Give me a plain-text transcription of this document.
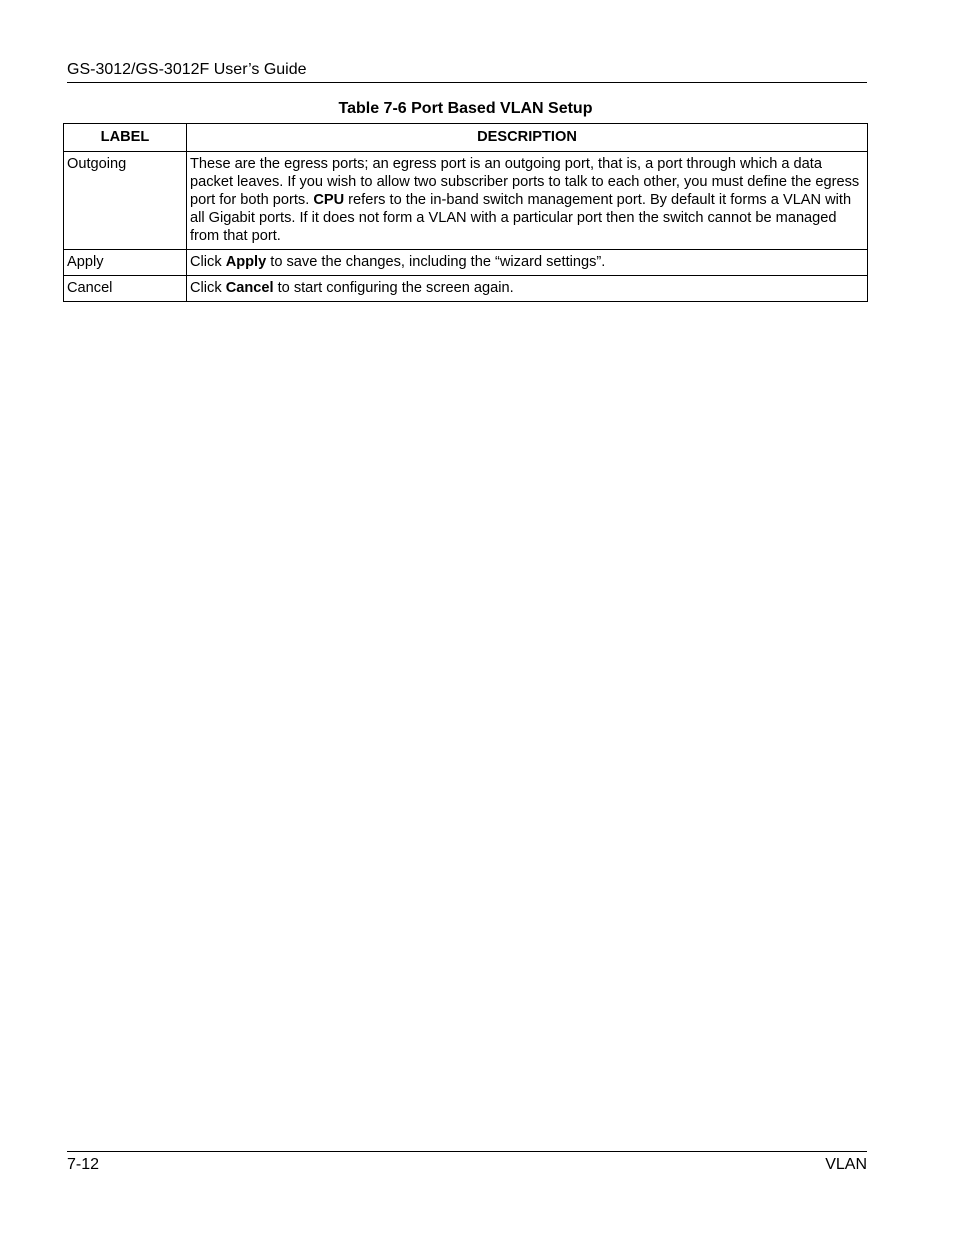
GS-3012/GS-3012F User’s Guide
Table 7-6 Port Based VLAN Setup
LABEL	DESCRIPTION
Outgoing	These are the egress ports; an egress port is an outgoing port, that is, a port through which a data packet leaves. If you wish to allow two subscriber ports to talk to each other, you must define the egress port for both ports. CPU refers to the in-band switch management port. By default it forms a VLAN with all Gigabit ports. If it does not form a VLAN with a particular port then the switch cannot be managed from that port.
Apply	Click Apply to save the changes, including the “wizard settings”.
Cancel	Click Cancel to start configuring the screen again.
7-12	VLAN
